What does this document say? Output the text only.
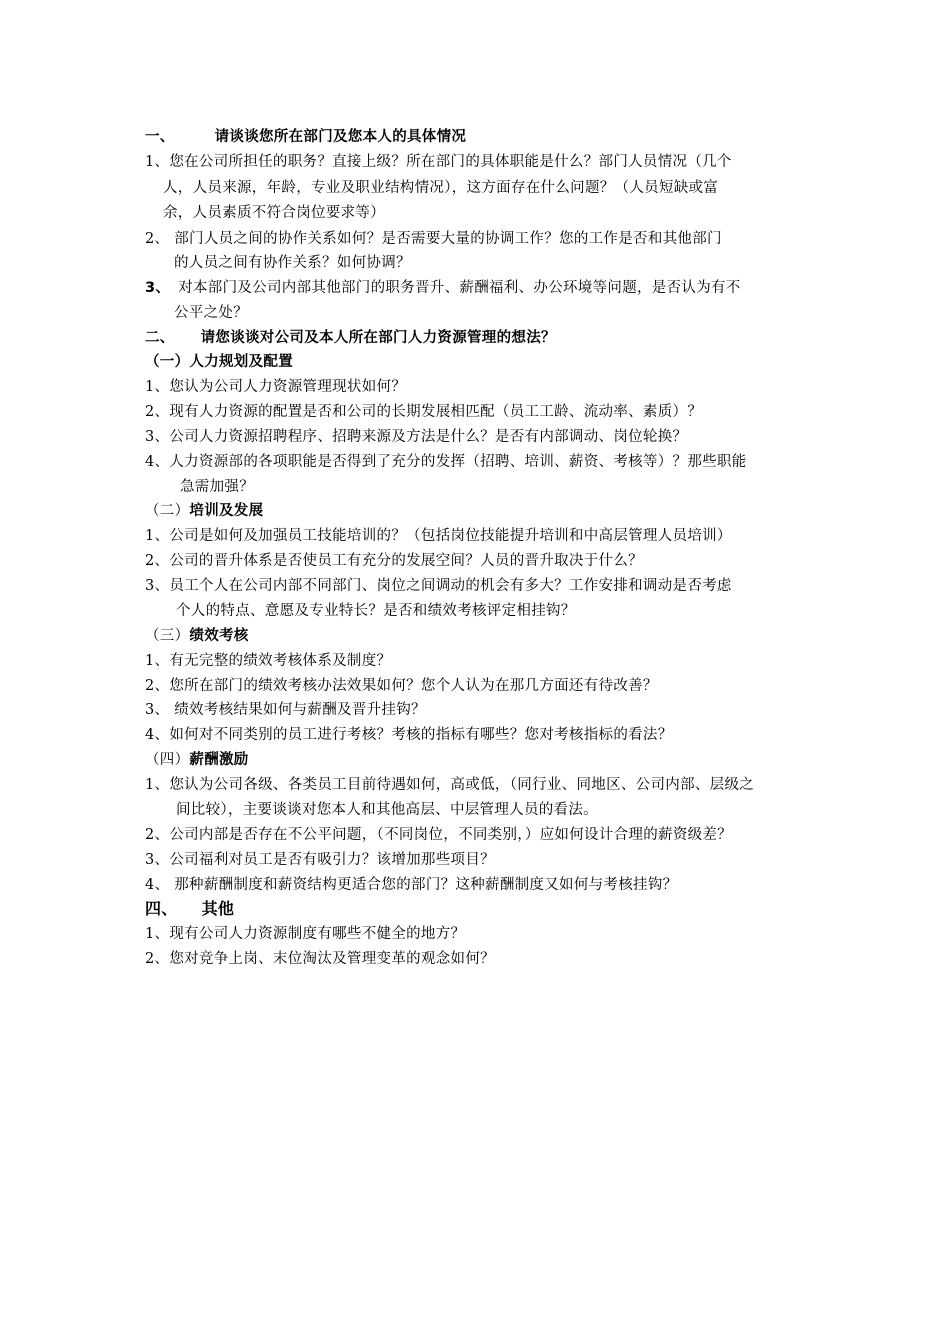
一、	请谈谈您所在部门及您本人的具体情况
1、您在公司所担任的职务？直接上级？所在部门的具体职能是什么？部门人员情况（几个
人，人员来源，年龄，专业及职业结构情况），这方面存在什么问题？（人员短缺或富
余，人员素质不符合岗位要求等）
2、 部门人员之间的协作关系如何？是否需要大量的协调工作？您的工作是否和其他部门
的人员之间有协作关系？如何协调？
3、 对本部门及公司内部其他部门的职务晋升、薪酬福利、办公环境等问题，是否认为有不
公平之处？
二、 请您谈谈对公司及本人所在部门人力资源管理的想法？
（一）人力规划及配置
1、您认为公司人力资源管理现状如何？
2、现有人力资源的配置是否和公司的长期发展相匹配（员工工龄、流动率、素质）？
3、公司人力资源招聘程序、招聘来源及方法是什么？是否有内部调动、岗位轮换？
4、人力资源部的各项职能是否得到了充分的发挥（招聘、培训、薪资、考核等）？那些职能
急需加强？
（二）培训及发展
1、公司是如何及加强员工技能培训的？（包括岗位技能提升培训和中高层管理人员培训）
2、公司的晋升体系是否使员工有充分的发展空间？人员的晋升取决于什么？
3、员工个人在公司内部不同部门、岗位之间调动的机会有多大？工作安排和调动是否考虑
个人的特点、意愿及专业特长？是否和绩效考核评定相挂钩？
（三）绩效考核
1、有无完整的绩效考核体系及制度？
2、您所在部门的绩效考核办法效果如何？您个人认为在那几方面还有待改善？
3、 绩效考核结果如何与薪酬及晋升挂钩？
4、如何对不同类别的员工进行考核？考核的指标有哪些？您对考核指标的看法？
（四）薪酬激励
1、您认为公司各级、各类员工目前待遇如何，高或低，（同行业、同地区、公司内部、层级之
间比较），主要谈谈对您本人和其他高层、中层管理人员的看法。
2、公司内部是否存在不公平问题，（不同岗位，不同类别，）应如何设计合理的薪资级差？
3、公司福利对员工是否有吸引力？该增加那些项目？
4、 那种薪酬制度和薪资结构更适合您的部门？这种薪酬制度又如何与考核挂钩？
四、 其他
1、现有公司人力资源制度有哪些不健全的地方？
2、您对竞争上岗、末位淘汰及管理变革的观念如何？
